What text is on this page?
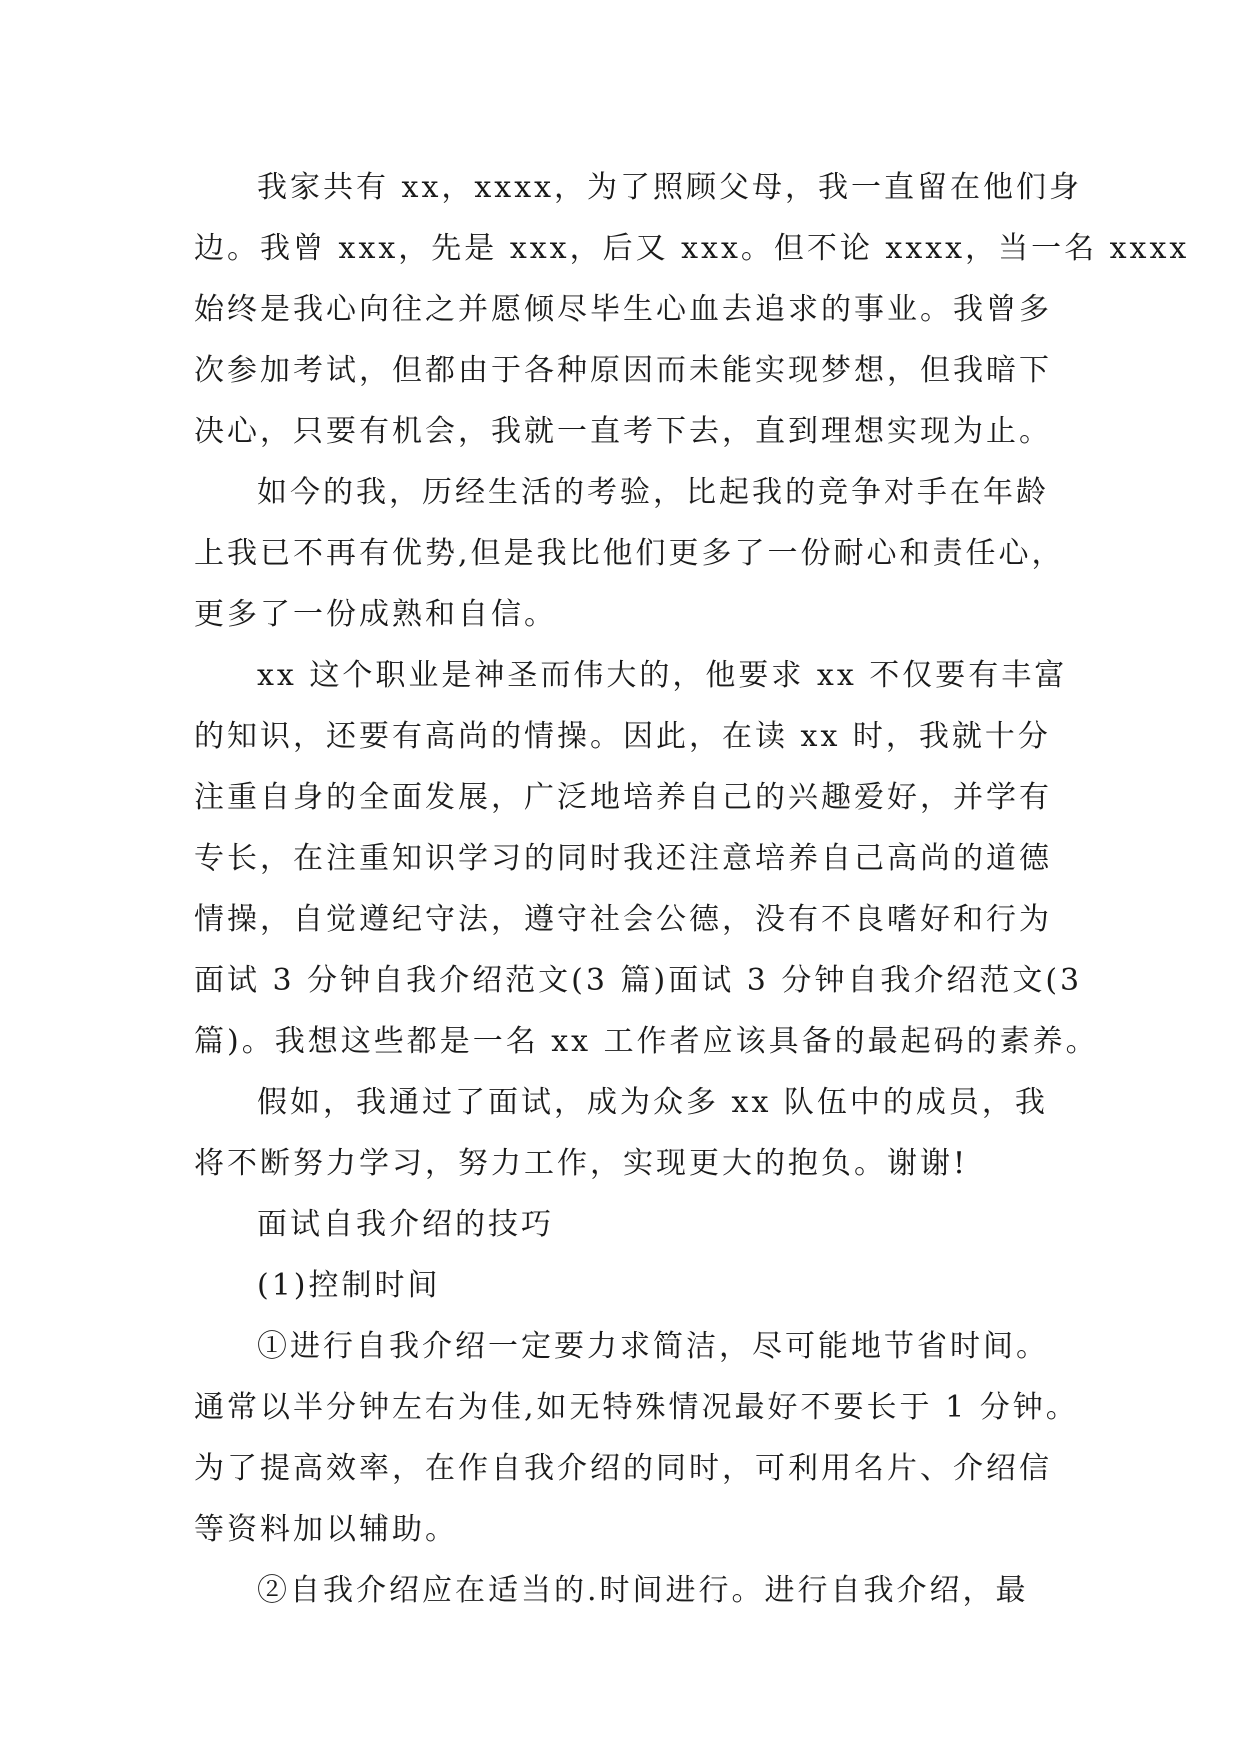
我家共有 xx，xxxx，为了照顾父母，我一直留在他们身
边。我曾 xxx，先是 xxx，后又 xxx。但不论 xxxx，当一名 xxxx
始终是我心向往之并愿倾尽毕生心血去追求的事业。我曾多
次参加考试，但都由于各种原因而未能实现梦想，但我暗下
决心，只要有机会，我就一直考下去，直到理想实现为止。

如今的我，历经生活的考验，比起我的竞争对手在年龄
上我已不再有优势,但是我比他们更多了一份耐心和责任心，
更多了一份成熟和自信。

xx 这个职业是神圣而伟大的，他要求 xx 不仅要有丰富
的知识，还要有高尚的情操。因此，在读 xx 时，我就十分
注重自身的全面发展，广泛地培养自己的兴趣爱好，并学有
专长，在注重知识学习的同时我还注意培养自己高尚的道德
情操，自觉遵纪守法，遵守社会公德，没有不良嗜好和行为
面试 3 分钟自我介绍范文(3 篇)面试 3 分钟自我介绍范文(3
篇)。我想这些都是一名 xx 工作者应该具备的最起码的素养。

假如，我通过了面试，成为众多 xx 队伍中的成员，我
将不断努力学习，努力工作，实现更大的抱负。谢谢!

面试自我介绍的技巧

(1)控制时间

①进行自我介绍一定要力求简洁，尽可能地节省时间。
通常以半分钟左右为佳,如无特殊情况最好不要长于 1 分钟。
为了提高效率，在作自我介绍的同时，可利用名片、介绍信
等资料加以辅助。

②自我介绍应在适当的.时间进行。进行自我介绍，最
